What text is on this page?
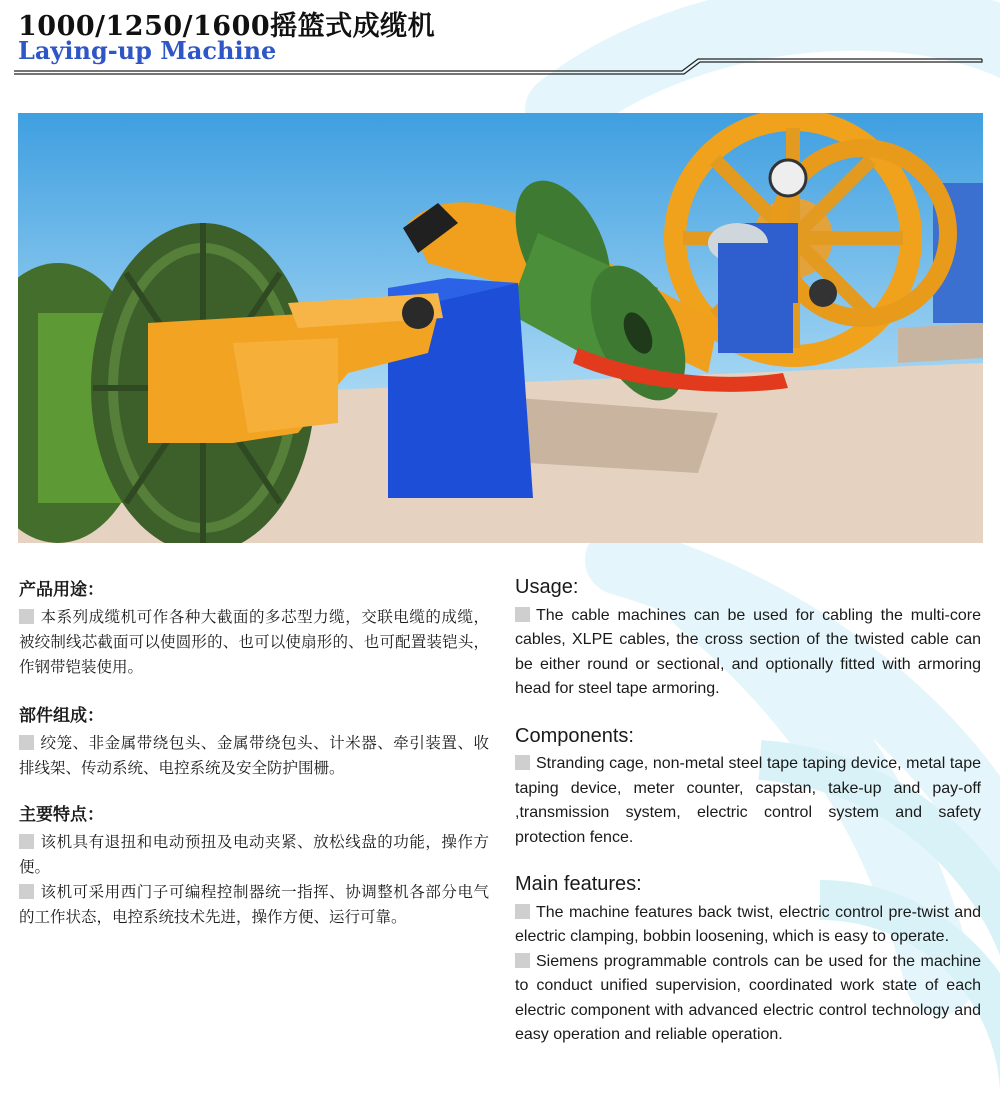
1000/1250/1600摇篮式成缆机
Laying-up Machine
产品用途：

本系列成缆机可作各种大截面的多芯型力缆，交联电缆的成缆，被绞制线芯截面可以使圆形的、也可以使扇形的、也可配置装铠头，作钢带铠装使用。

部件组成：

绞笼、非金属带绕包头、金属带绕包头、计米器、牵引装置、收排线架、传动系统、电控系统及安全防护围栅。

主要特点：

该机具有退扭和电动预扭及电动夹紧、放松线盘的功能，操作方便。

该机可采用西门子可编程控制器统一指挥、协调整机各部分电气的工作状态，电控系统技术先进，操作方便、运行可靠。

Usage:

The cable machines can be used for cabling the multi-core cables, XLPE cables, the cross section of the twisted cable can be either round or sectional, and optionally fitted with armoring head for steel tape armoring.

Components:

Stranding cage, non-metal steel tape taping device, metal tape taping device, meter counter, capstan, take-up and pay-off ,transmission system, electric control system and safety protection fence.

Main features:

The machine features back twist, electric control pre-twist and electric clamping, bobbin loosening, which is easy to operate.

Siemens programmable controls can be used for the machine to conduct unified supervision, coordinated work state of each electric component with advanced electric control technology and easy operation and reliable operation.
